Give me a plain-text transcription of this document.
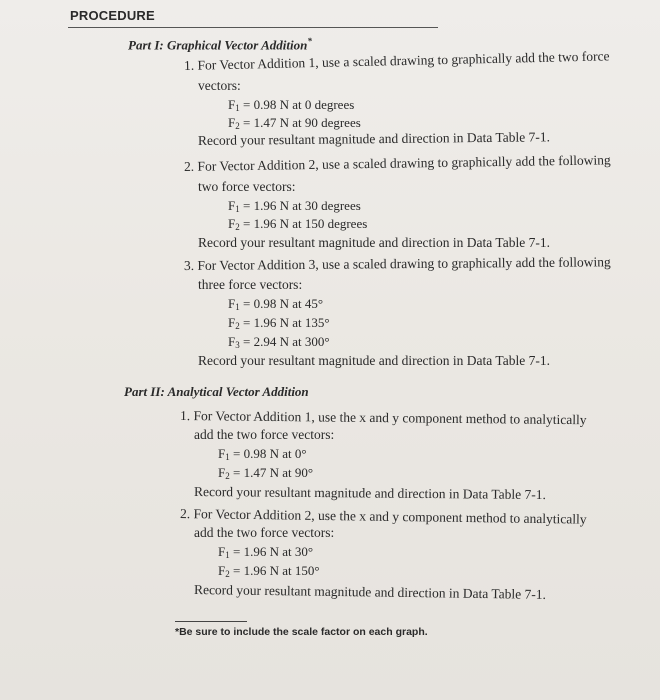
PROCEDURE
Part I: Graphical Vector Addition*
1. For Vector Addition 1, use a scaled drawing to graphically add the two force
vectors:
$F_1 = 0.98$ N at 0 degrees
$F_2 = 1.47$ N at 90 degrees
Record your resultant magnitude and direction in Data Table 7-1.
2. For Vector Addition 2, use a scaled drawing to graphically add the following
two force vectors:
$F_1 = 1.96$ N at 30 degrees
$F_2 = 1.96$ N at 150 degrees
Record your resultant magnitude and direction in Data Table 7-1.
3. For Vector Addition 3, use a scaled drawing to graphically add the following
three force vectors:
$F_1 = 0.98$ N at 45°
$F_2 = 1.96$ N at 135°
$F_3 = 2.94$ N at 300°
Record your resultant magnitude and direction in Data Table 7-1.
Part II: Analytical Vector Addition
1. For Vector Addition 1, use the x and y component method to analytically
add the two force vectors:
$F_1 = 0.98$ N at 0°
$F_2 = 1.47$ N at 90°
Record your resultant magnitude and direction in Data Table 7-1.
2. For Vector Addition 2, use the x and y component method to analytically
add the two force vectors:
$F_1 = 1.96$ N at 30°
$F_2 = 1.96$ N at 150°
Record your resultant magnitude and direction in Data Table 7-1.
*Be sure to include the scale factor on each graph.
